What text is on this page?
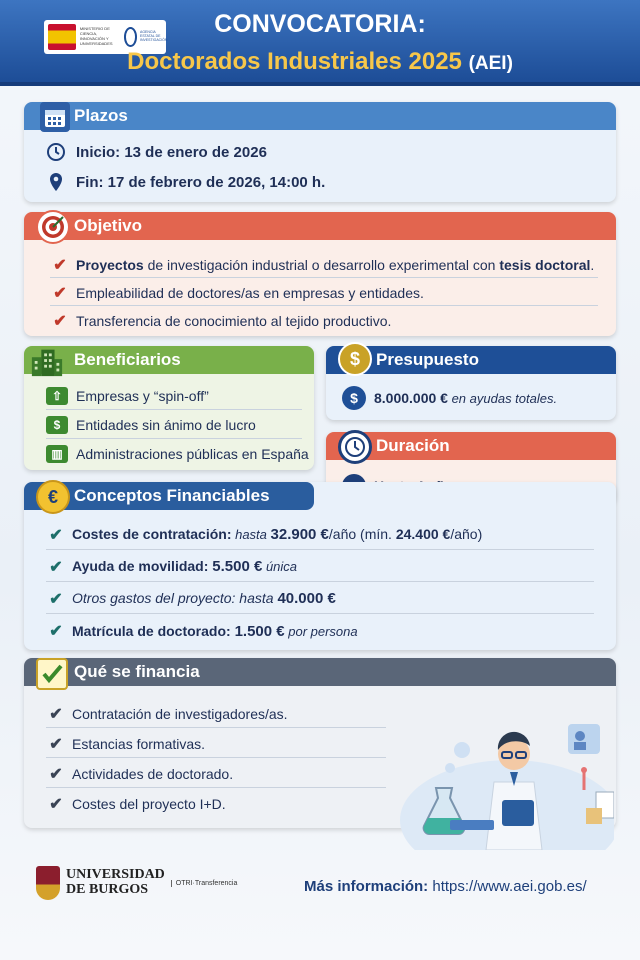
MINISTERIO DE CIENCIA, INNOVACIÓN Y UNIVERSIDADES
AGENCIA ESTATAL DE INVESTIGACIÓN
CONVOCATORIA:
Doctorados Industriales 2025 (AEI)
Plazos
Inicio: 13 de enero de 2026
Fin: 17 de febrero de 2026, 14:00 h.
Objetivo
✔ Proyectos de investigación industrial o desarrollo experimental con tesis doctoral.
✔ Empleabilidad de doctores/as en empresas y entidades.
✔ Transferencia de conocimiento al tejido productivo.
Beneficiarios
⇧ Empresas y “spin-off”
$	Entidades sin ánimo de lucro
▥ Administraciones públicas en España
Presupuesto
$
$	8.000.000 € en ayudas totales.
Duración
Conceptos Financiables
€
✔ Costes de contratación: hasta 32.900 €/año (mín. 24.400 €/año)
✔ Ayuda de movilidad: 5.500 € única
✔ Otros gastos del proyecto: hasta 40.000 €
✔ Matrícula de doctorado: 1.500 € por persona
Qué se financia
✔ Contratación de investigadores/as.
✔ Estancias formativas.
✔ Actividades de doctorado.
✔ Costes del proyecto I+D.
UNIVERSIDAD
DE BURGOS	OTRI·Transferencia	Más información: https://www.aei.gob.es/
